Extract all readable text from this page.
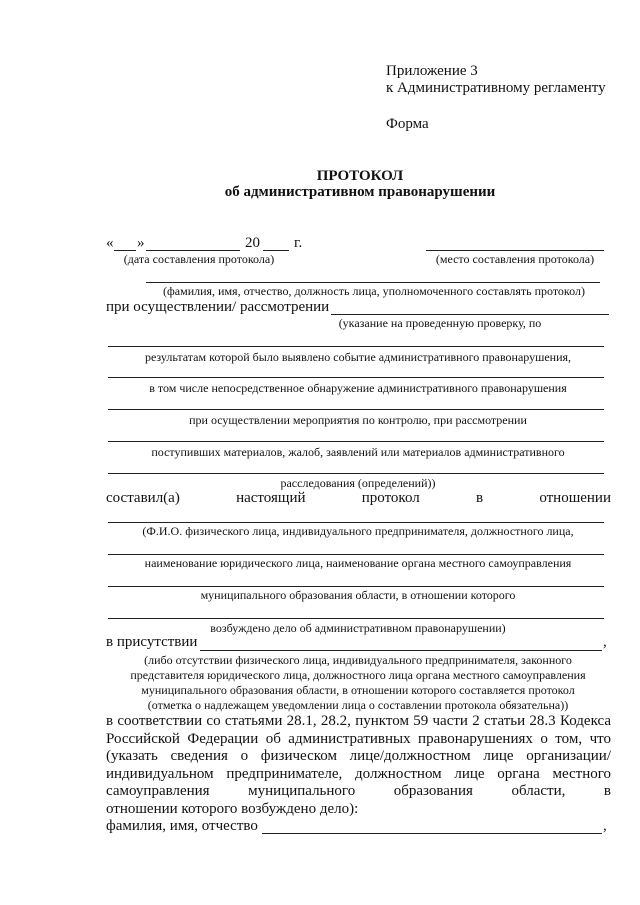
Приложение 3
к Административному регламенту
Форма
ПРОТОКОЛ
об административном правонарушении
« »	20 г.
(дата составления протокола)	(место составления протокола)
(фамилия, имя, отчество, должность лица, уполномоченного составлять протокол)
при осуществлении/ рассмотрении
(указание на проведенную проверку, по
результатам которой было выявлено событие административного правонарушения,
в том числе непосредственное обнаружение административного правонарушения
при осуществлении мероприятия по контролю, при рассмотрении
поступивших материалов, жалоб, заявлений или материалов административного
расследования (определений))
составил(а) настоящий протокол в отношении
(Ф.И.О. физического лица, индивидуального предпринимателя, должностного лица,
наименование юридического лица, наименование органа местного самоуправления
муниципального образования области, в отношении которого
возбуждено дело об административном правонарушении)
в присутствии	,
(либо отсутствии физического лица, индивидуального предпринимателя, законного
представителя юридического лица, должностного лица органа местного самоуправления
муниципального образования области, в отношении которого составляется протокол
(отметка о надлежащем уведомлении лица о составлении протокола обязательна))
в соответствии со статьями 28.1, 28.2, пунктом 59 части 2 статьи 28.3 Кодекса Российской Федерации об административных правонарушениях о том, что (указать сведения о физическом лице/должностном лице организации/индивидуальном предпринимателе, должностном лице органа местного самоуправления муниципального образования области, в
отношении которого возбуждено дело):
фамилия, имя, отчество	,
